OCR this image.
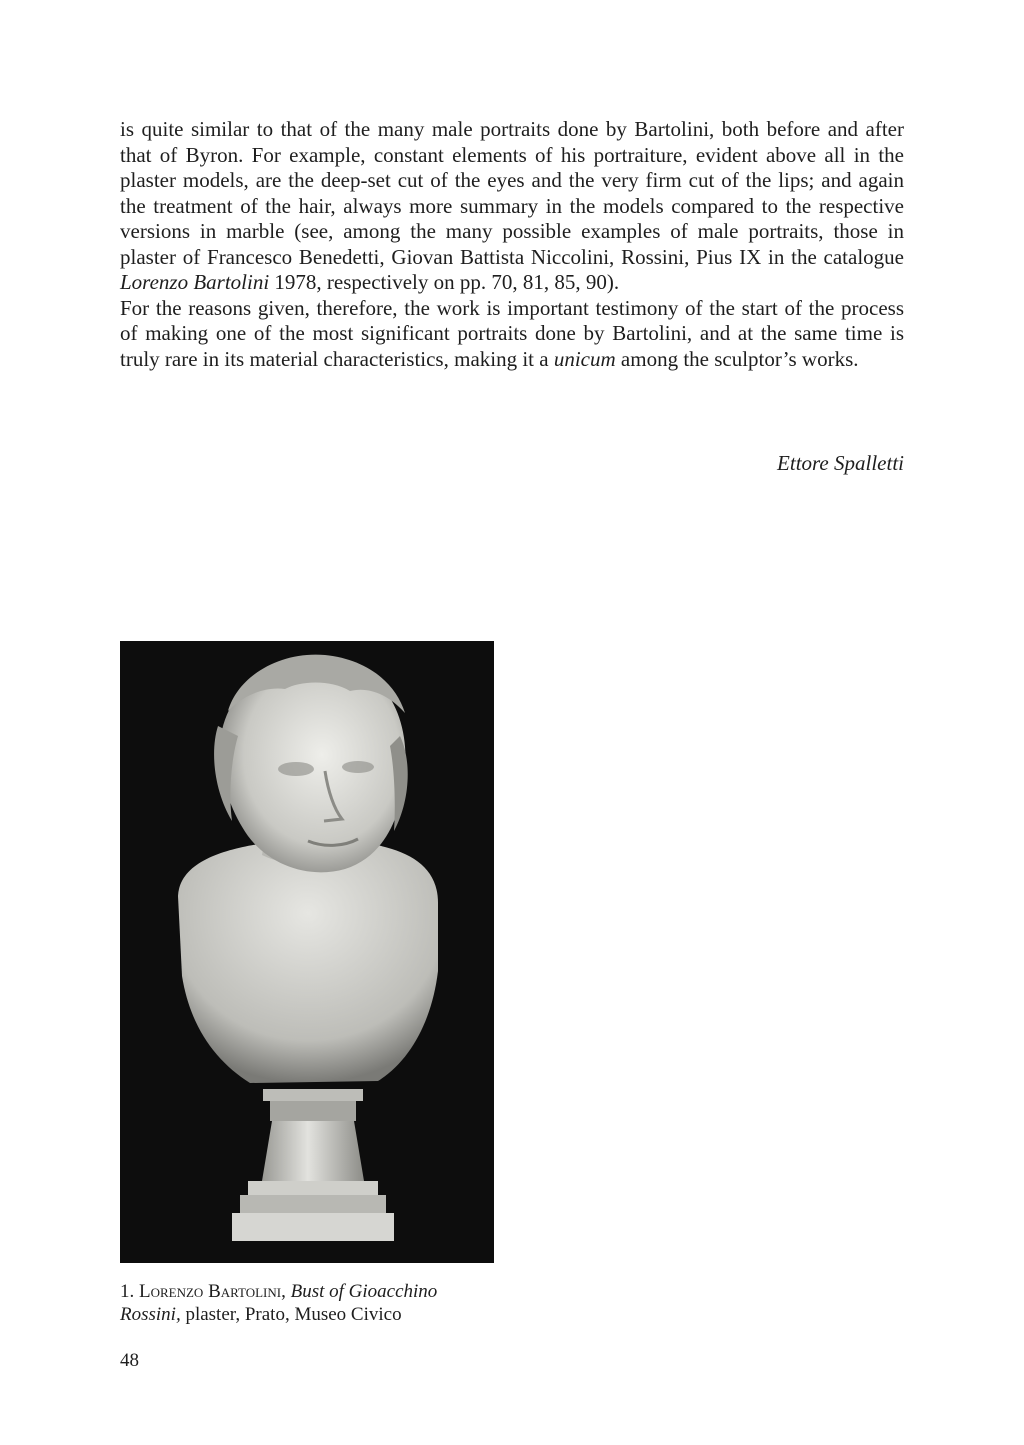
is quite similar to that of the many male portraits done by Bartolini, both before and after that of Byron. For example, constant elements of his portraiture, evident above all in the plaster models, are the deep-set cut of the eyes and the very firm cut of the lips; and again the treatment of the hair, always more summary in the models compared to the respective versions in marble (see, among the many possible examples of male portraits, those in plaster of Francesco Benedetti, Giovan Battista Niccolini, Rossini, Pius IX in the catalogue Lorenzo Bartolini 1978, respectively on pp. 70, 81, 85, 90).

For the reasons given, therefore, the work is important testimony of the start of the process of making one of the most significant portraits done by Bartolini, and at the same time is truly rare in its material characteristics, making it a unicum among the sculptor’s works.

Ettore Spalletti
1. Lorenzo Bartolini, Bust of Gioacchino
Rossini, plaster, Prato, Museo Civico
48
